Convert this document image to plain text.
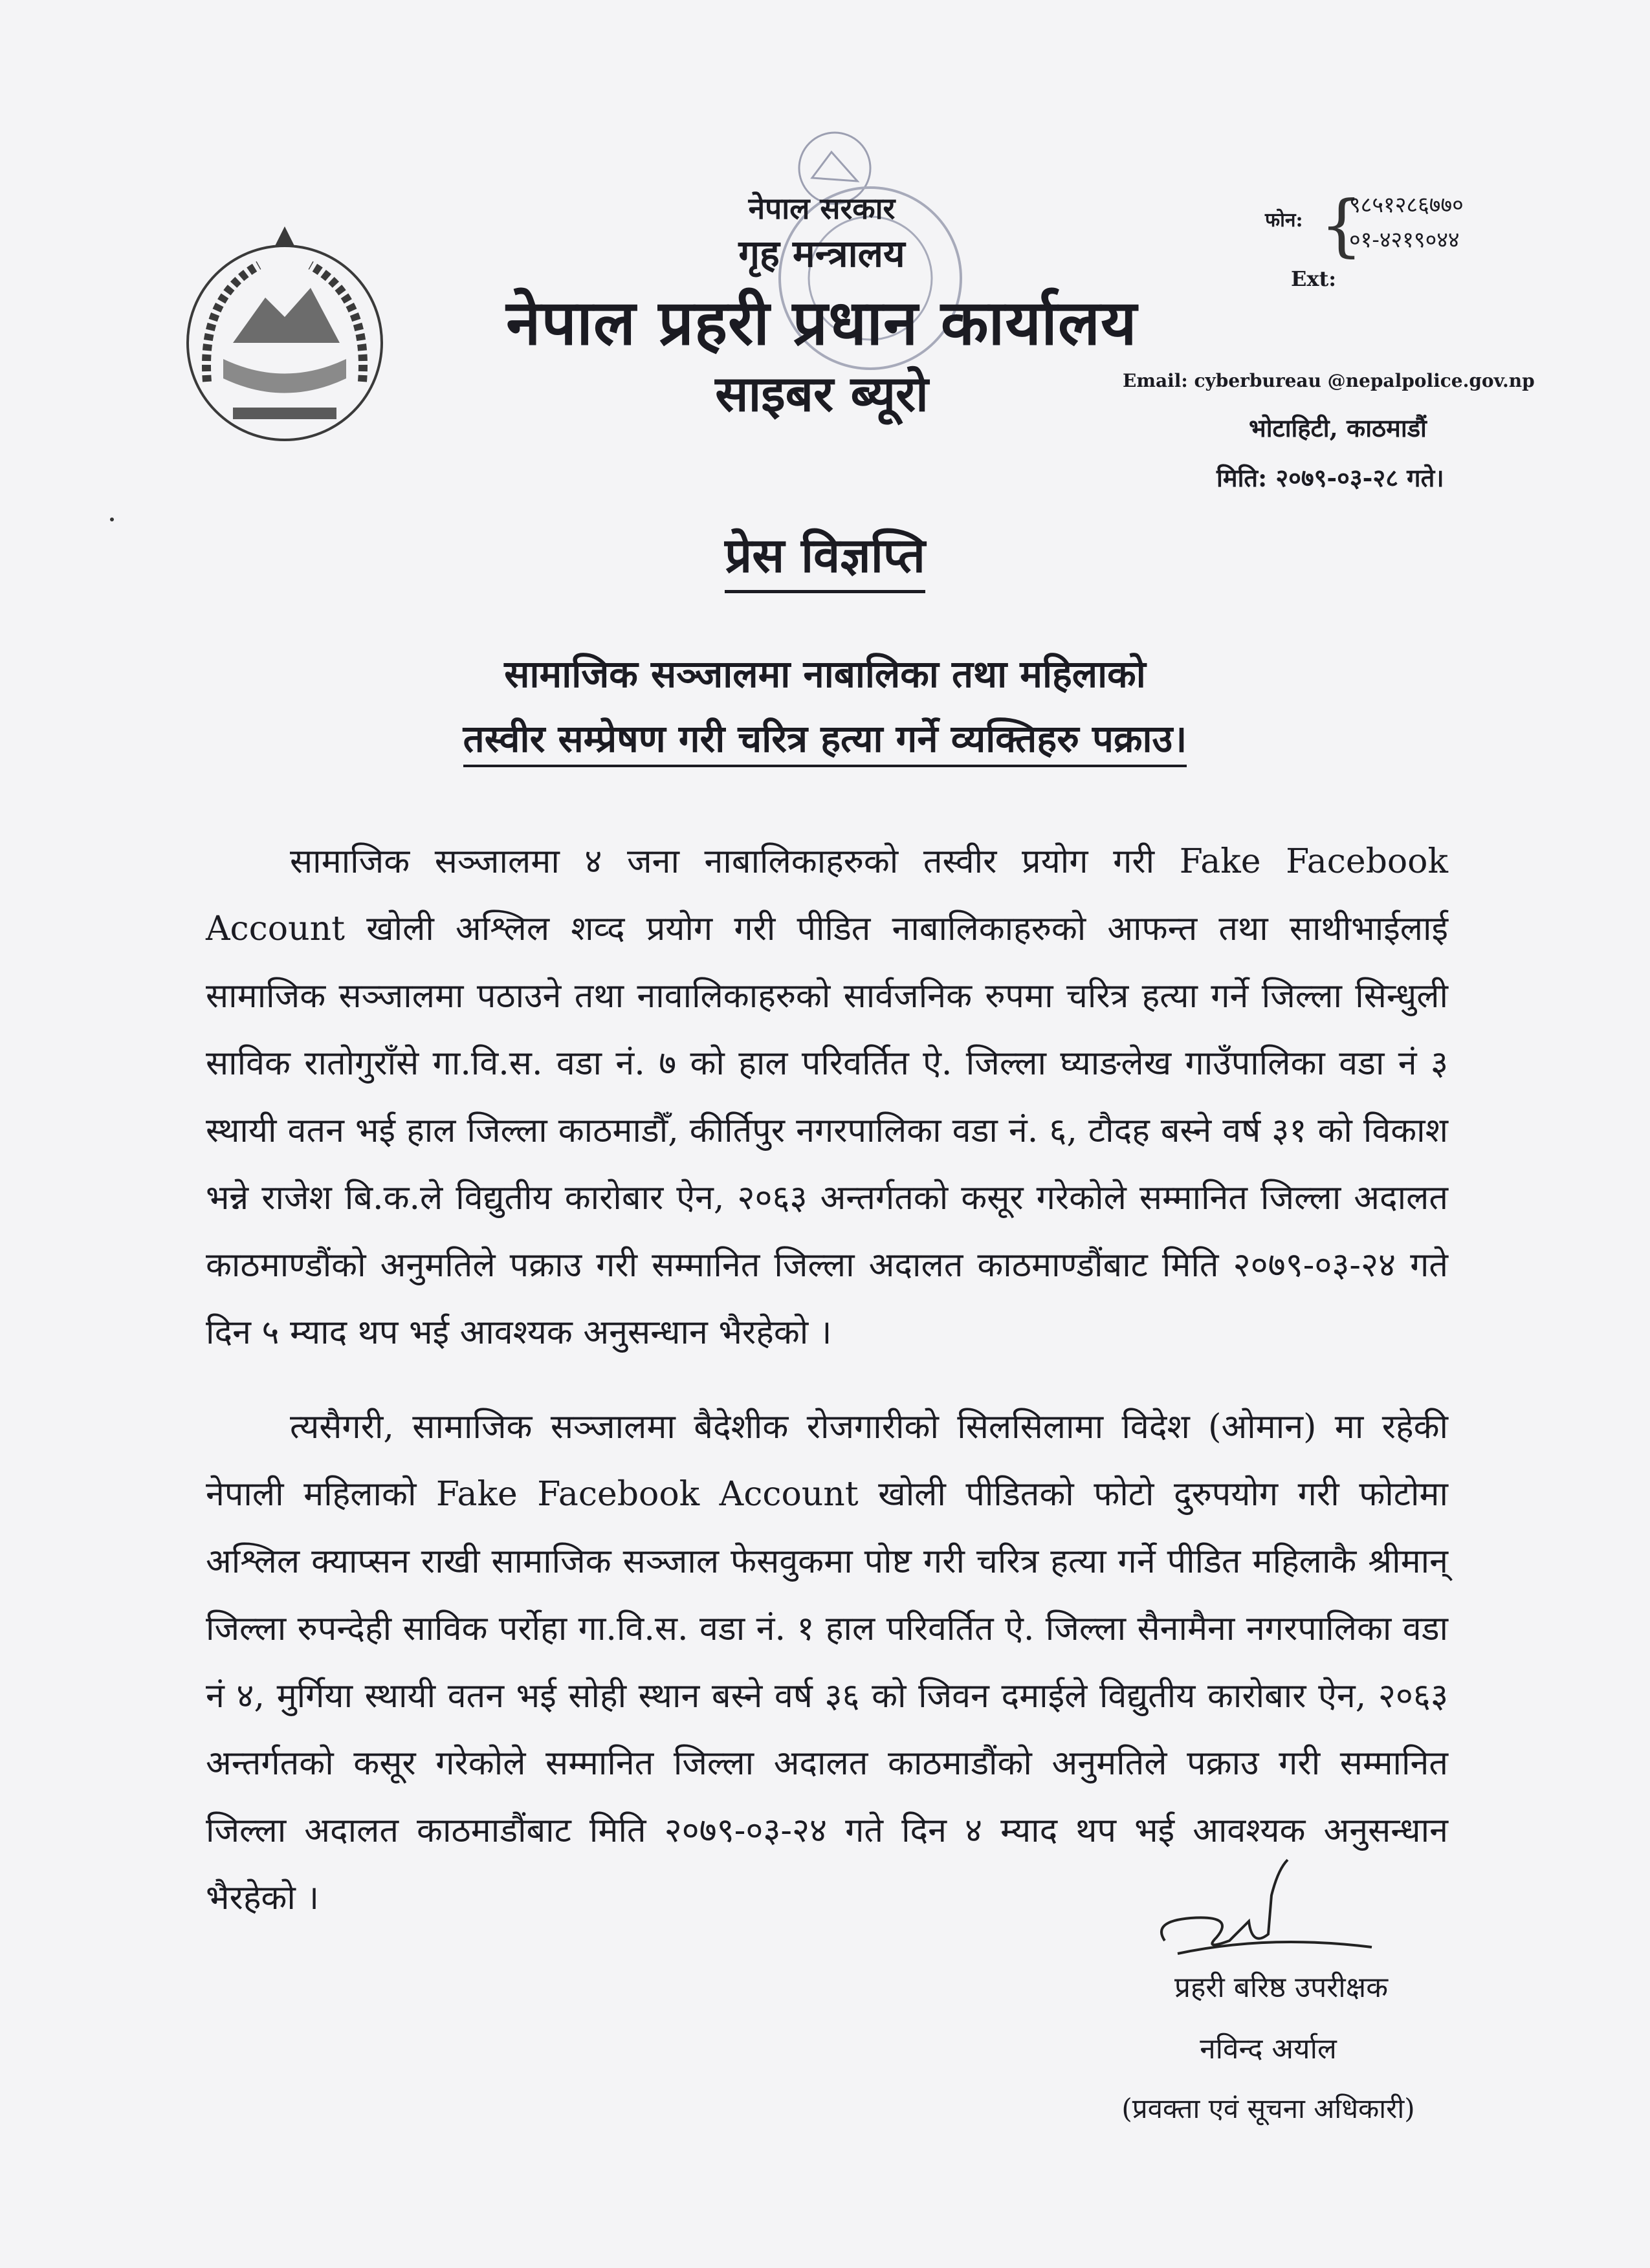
नेपाल सरकार
गृह मन्त्रालय
नेपाल प्रहरी प्रधान कार्यालय
साइबर ब्यूरो
फोन: {
९८५१२८६७७०
०१-४२१९०४४
Ext:
Email: cyberbureau @nepalpolice.gov.np
भोटाहिटी, काठमाडौं
मिति: २०७९-०३-२८ गते।
प्रेस विज्ञप्ति
सामाजिक सञ्जालमा नाबालिका तथा महिलाको
तस्वीर सम्प्रेषण गरी चरित्र हत्या गर्ने व्यक्तिहरु पक्राउ।

सामाजिक सञ्जालमा ४ जना नाबालिकाहरुको तस्वीर प्रयोग गरी Fake Facebook Account खोली अश्लिल शव्द प्रयोग गरी पीडित नाबालिकाहरुको आफन्त तथा साथीभाईलाई सामाजिक सञ्जालमा पठाउने तथा नावालिकाहरुको सार्वजनिक रुपमा चरित्र हत्या गर्ने जिल्ला सिन्धुली साविक रातोगुराँसे गा.वि.स. वडा नं. ७ को हाल परिवर्तित ऐ. जिल्ला घ्याङलेख गाउँपालिका वडा नं ३ स्थायी वतन भई हाल जिल्ला काठमाडौँ, कीर्तिपुर नगरपालिका वडा नं. ६, टौदह बस्ने वर्ष ३१ को विकाश भन्ने राजेश बि.क.ले विद्युतीय कारोबार ऐन, २०६३ अन्तर्गतको कसूर गरेकोले सम्मानित जिल्ला अदालत काठमाण्डौंको अनुमतिले पक्राउ गरी सम्मानित जिल्ला अदालत काठमाण्डौंबाट मिति २०७९-०३-२४ गते दिन ५ म्याद थप भई आवश्यक अनुसन्धान भैरहेको ।

त्यसैगरी, सामाजिक सञ्जालमा बैदेशीक रोजगारीको सिलसिलामा विदेश (ओमान) मा रहेकी नेपाली महिलाको Fake Facebook Account खोली पीडितको फोटो दुरुपयोग गरी फोटोमा अश्लिल क्याप्सन राखी सामाजिक सञ्जाल फेसवुकमा पोष्ट गरी चरित्र हत्या गर्ने पीडित महिलाकै श्रीमान् जिल्ला रुपन्देही साविक पर्रोहा गा.वि.स. वडा नं. १ हाल परिवर्तित ऐ. जिल्ला सैनामैना नगरपालिका वडा नं ४, मुर्गिया स्थायी वतन भई सोही स्थान बस्ने वर्ष ३६ को जिवन दमाईले विद्युतीय कारोबार ऐन, २०६३ अन्तर्गतको कसूर गरेकोले सम्मानित जिल्ला अदालत काठमाडौंको अनुमतिले पक्राउ गरी सम्मानित जिल्ला अदालत काठमाडौंबाट मिति २०७९-०३-२४ गते दिन ४ म्याद थप भई आवश्यक अनुसन्धान भैरहेको ।

प्रहरी बरिष्ठ उपरीक्षक
नविन्द अर्याल
(प्रवक्ता एवं सूचना अधिकारी)
